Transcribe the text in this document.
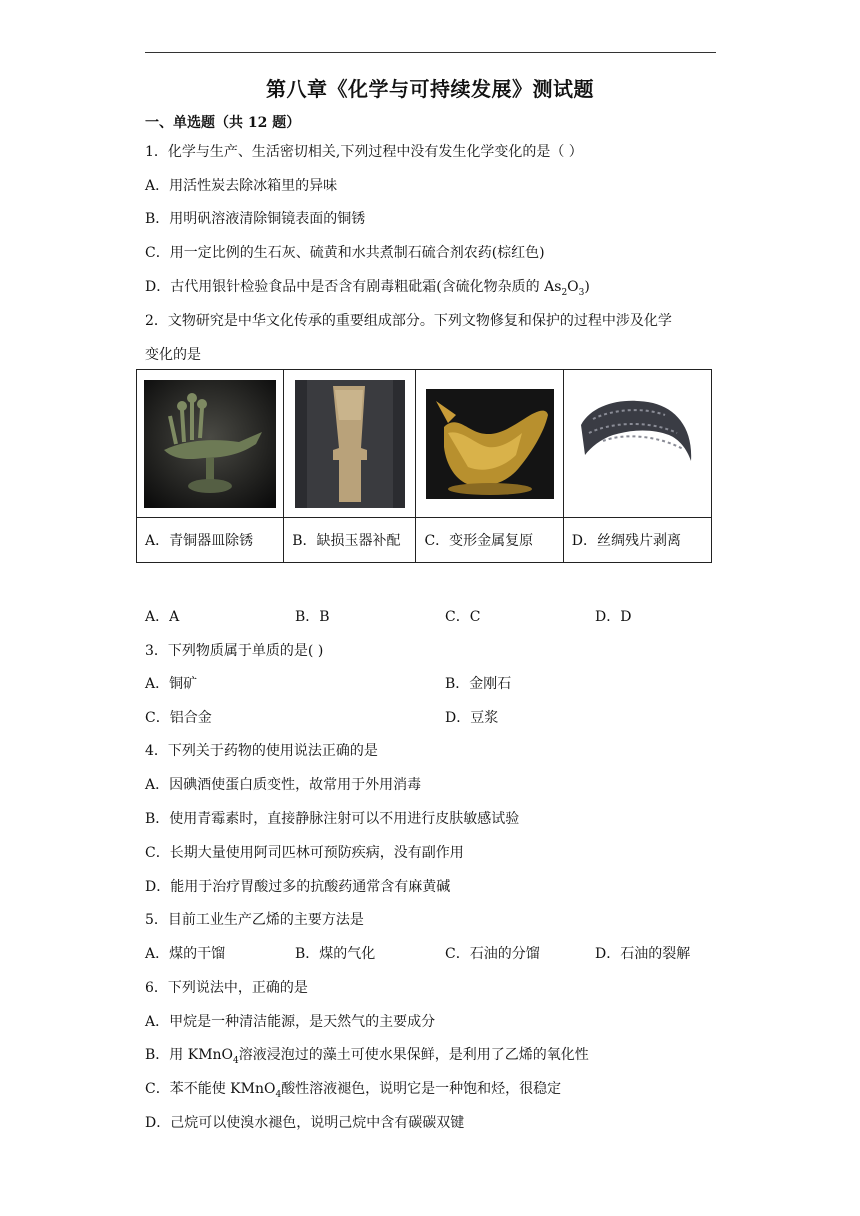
第八章《化学与可持续发展》测试题
一、单选题（共 12 题）
1．化学与生产、生活密切相关,下列过程中没有发生化学变化的是（ ）
A．用活性炭去除冰箱里的异味
B．用明矾溶液清除铜镜表面的铜锈
C．用一定比例的生石灰、硫黄和水共煮制石硫合剂农药(棕红色)
D．古代用银针检验食品中是否含有剧毒粗砒霜(含硫化物杂质的 $As_2O_3$)
2．文物研究是中华文化传承的重要组成部分。下列文物修复和保护的过程中涉及化学
变化的是

A．青铜器皿除锈	B．缺损玉器补配	C．变形金属复原	D．丝绸残片剥离
A．A	B．B	C．C	D．D
3．下列物质属于单质的是( )
A．铜矿	B．金刚石
C．铝合金	D．豆浆
4．下列关于药物的使用说法正确的是
A．因碘酒使蛋白质变性，故常用于外用消毒
B．使用青霉素时，直接静脉注射可以不用进行皮肤敏感试验
C．长期大量使用阿司匹林可预防疾病，没有副作用
D．能用于治疗胃酸过多的抗酸药通常含有麻黄碱
5．目前工业生产乙烯的主要方法是
A．煤的干馏	B．煤的气化	C．石油的分馏	D．石油的裂解
6．下列说法中，正确的是
A．甲烷是一种清洁能源，是天然气的主要成分
B．用 KMnO$_4$溶液浸泡过的藻土可使水果保鲜，是利用了乙烯的氧化性
C．苯不能使 KMnO$_4$酸性溶液褪色，说明它是一种饱和烃，很稳定
D．己烷可以使溴水褪色，说明己烷中含有碳碳双键
